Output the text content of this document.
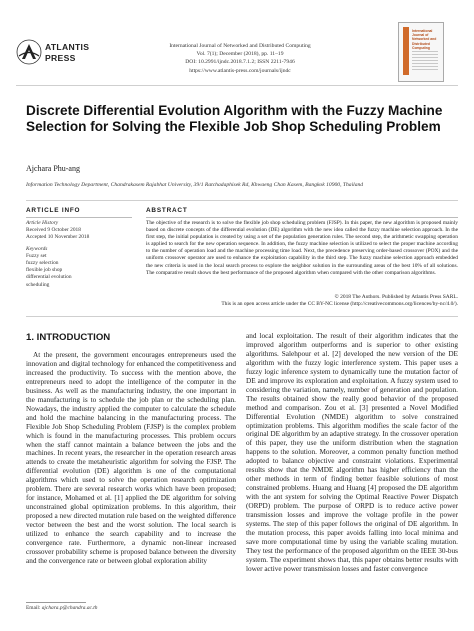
ATLANTIS
PRESS
International Journal of Networked and Distributed Computing
Vol. 7(1); December (2018), pp. 11–19
DOI: 10.2991/ijndc.2018.7.1.2; ISSN 2211-7946
https://www.atlantis-press.com/journals/ijndc
International Journal of Networked and Distributed Computing
Discrete Differential Evolution Algorithm with the Fuzzy Machine Selection for Solving the Flexible Job Shop Scheduling Problem
Ajchara Phu-ang
Information Technology Department, Chandrakasem Rajabhat University, 39/1 Ratchadaphisek Rd, Khwaeng Chan Kasem, Bangkok 10900, Thailand
ARTICLE INFO
Article History
Received 9 October 2018
Accepted 10 November 2018
Keywords
Fuzzy set
fuzzy selection
flexible job shop
differential evolution
scheduling
ABSTRACT
The objective of the research is to solve the flexible job shop scheduling problem (FJSP). In this paper, the new algorithm is proposed mainly based on discrete concepts of the differential evolution (DE) algorithm with the new idea called the fuzzy machine selection approach. In the first step, the initial population is created by using a set of the population generation rules. The second step, the arithmetic swapping operation is applied to search for the new operation sequence. In addition, the fuzzy machine selection is utilized to select the proper machine according to the number of operation load and the machine processing time load. Next, the precedence preserving order-based crossover (POX) and the uniform crossover operator are used to enhance the exploitation capability in the third step. The fuzzy machine selection approach embedded the new criteria is used in the local search process to explore the neighbor solution in the surrounding areas of the best 10% of all solutions. The comparative result shows the best performance of the proposed algorithm when compared with the other comparison algorithms.
© 2018 The Authors. Published by Atlantis Press SARL.
This is an open access article under the CC BY-NC license (http://creativecommons.org/licences/by-nc/4.0/).
1. INTRODUCTION

At the present, the government encourages entrepreneurs used the innovation and digital technology for enhanced the competitiveness and increased the productivity. To success with the mention above, the entrepreneurs need to adopt the intelligence of the computer in the business. As well as the manufacturing industry, the one important in the manufacturing is to schedule the job plan or the scheduling plan. Nowadays, the industry applied the computer to calculate the schedule and hold the machine balancing in the manufacturing process. The Flexible Job Shop Scheduling Problem (FJSP) is the complex problem which is found in the manufacturing processes. This problem occurs when the staff cannot maintain a balance between the jobs and the machines. In recent years, the researcher in the operation research areas attends to create the metaheuristic algorithm for solving the FJSP. The differential evolution (DE) algorithm is one of the computational algorithms which used to solve the operation research optimization problem. There are several research works which have been proposed; for instance, Mohamed et al. [1] applied the DE algorithm for solving unconstrained global optimization problems. In this algorithm, their proposed a new directed mutation rule based on the weighted difference vector between the best and the worst solution. The local search is utilized to enhance the search capability and to increase the convergence rate. Furthermore, a dynamic non-linear increased crossover probability scheme is proposed balance between the diversity and the convergence rate or between global exploration ability

and local exploitation. The result of their algorithm indicates that the improved algorithm outperforms and is superior to other existing algorithms. Salehpour et al. [2] developed the new version of the DE algorithm with the fuzzy logic interference system. This paper uses a fuzzy logic inference system to dynamically tune the mutation factor of DE and improve its exploration and exploitation. A fuzzy system used to considering the variation, namely, number of generation and population. The results obtained show the really good behavior of the proposed method and comparison. Zou et al. [3] presented a Novel Modified Differential Evolution (NMDE) algorithm to solve constrained optimization problems. This algorithm modifies the scale factor of the original DE algorithm by an adaptive strategy. In the crossover operation of this paper, they use the uniform distribution when the stagnation happens to the solution. Moreover, a common penalty function method adopted to balance objective and constraint violations. Experimental results show that the NMDE algorithm has higher efficiency than the other methods in term of finding better feasible solutions of most constrained problems. Huang and Huang [4] proposed the DE algorithm with the ant system for solving the Optimal Reactive Power Dispatch (ORPD) problem. The purpose of ORPD is to reduce active power transmission losses and improve the voltage profile in the power systems. The step of this paper follows the original of DE algorithm. In the mutation process, this paper avoids falling into local minima and save more computational time by using the variable scaling mutation. They test the performance of the proposed algorithm on the IEEE 30-bus system. The experiment shows that, this paper obtains better results with lower active power transmission losses and faster convergence

Email: ajchara.p@chandra.ac.th
